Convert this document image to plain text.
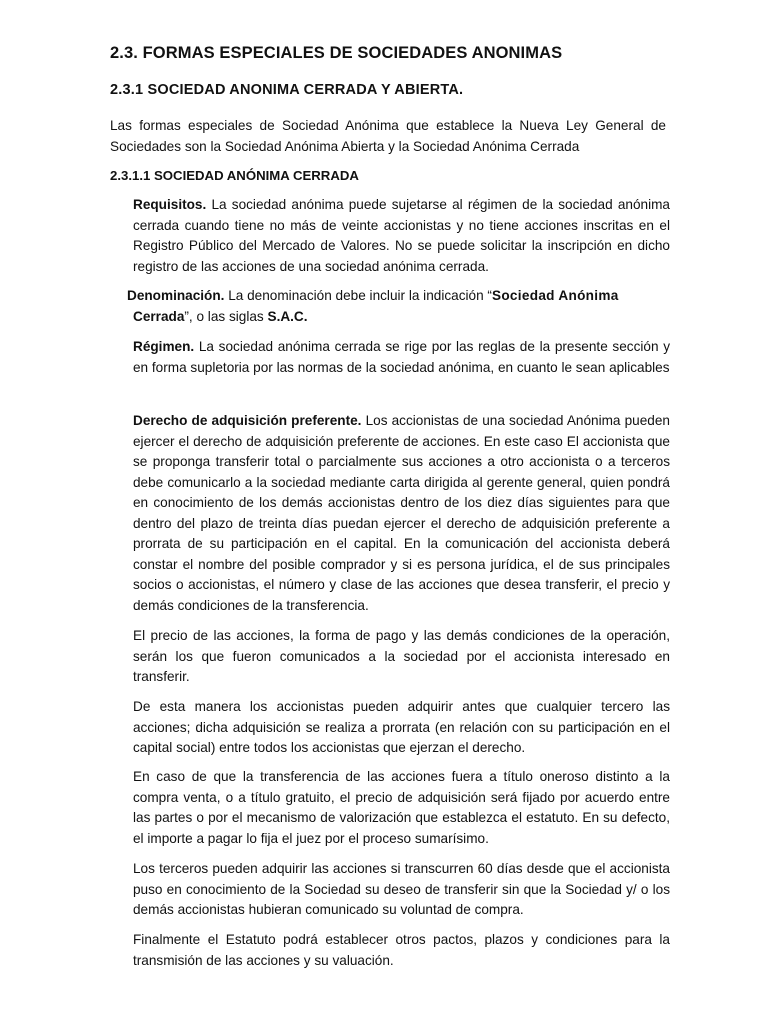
2.3. FORMAS ESPECIALES DE SOCIEDADES ANONIMAS
2.3.1 SOCIEDAD ANONIMA CERRADA Y ABIERTA.

Las formas especiales de Sociedad Anónima que establece la Nueva Ley General de Sociedades son la Sociedad Anónima Abierta y la Sociedad Anónima Cerrada

2.3.1.1 SOCIEDAD ANÓNIMA CERRADA

Requisitos. La sociedad anónima puede sujetarse al régimen de la sociedad anónima cerrada cuando tiene no más de veinte accionistas y no tiene acciones inscritas en el Registro Público del Mercado de Valores. No se puede solicitar la inscripción en dicho registro de las acciones de una sociedad anónima cerrada.

Denominación. La denominación debe incluir la indicación “Sociedad Anónima
Cerrada”, o las siglas S.A.C.

Régimen. La sociedad anónima cerrada se rige por las reglas de la presente sección y en forma supletoria por las normas de la sociedad anónima, en cuanto le sean aplicables

Derecho de adquisición preferente. Los accionistas de una sociedad Anónima pueden ejercer el derecho de adquisición preferente de acciones. En este caso El accionista que se proponga transferir total o parcialmente sus acciones a otro accionista o a terceros debe comunicarlo a la sociedad mediante carta dirigida al gerente general, quien pondrá en conocimiento de los demás accionistas dentro de los diez días siguientes para que dentro del plazo de treinta días puedan ejercer el derecho de adquisición preferente a prorrata de su participación en el capital. En la comunicación del accionista deberá constar el nombre del posible comprador y si es persona jurídica, el de sus principales socios o accionistas, el número y clase de las acciones que desea transferir, el precio y demás condiciones de la transferencia.

El precio de las acciones, la forma de pago y las demás condiciones de la operación, serán los que fueron comunicados a la sociedad por el accionista interesado en transferir.

De esta manera los accionistas pueden adquirir antes que cualquier tercero las acciones; dicha adquisición se realiza a prorrata (en relación con su participación en el capital social) entre todos los accionistas que ejerzan el derecho.

En caso de que la transferencia de las acciones fuera a título oneroso distinto a la compra venta, o a título gratuito, el precio de adquisición será fijado por acuerdo entre las partes o por el mecanismo de valorización que establezca el estatuto. En su defecto, el importe a pagar lo fija el juez por el proceso sumarísimo.

Los terceros pueden adquirir las acciones si transcurren 60 días desde que el accionista puso en conocimiento de la Sociedad su deseo de transferir sin que la Sociedad y/ o los demás accionistas hubieran comunicado su voluntad de compra.

Finalmente el Estatuto podrá establecer otros pactos, plazos y condiciones para la transmisión de las acciones y su valuación.
